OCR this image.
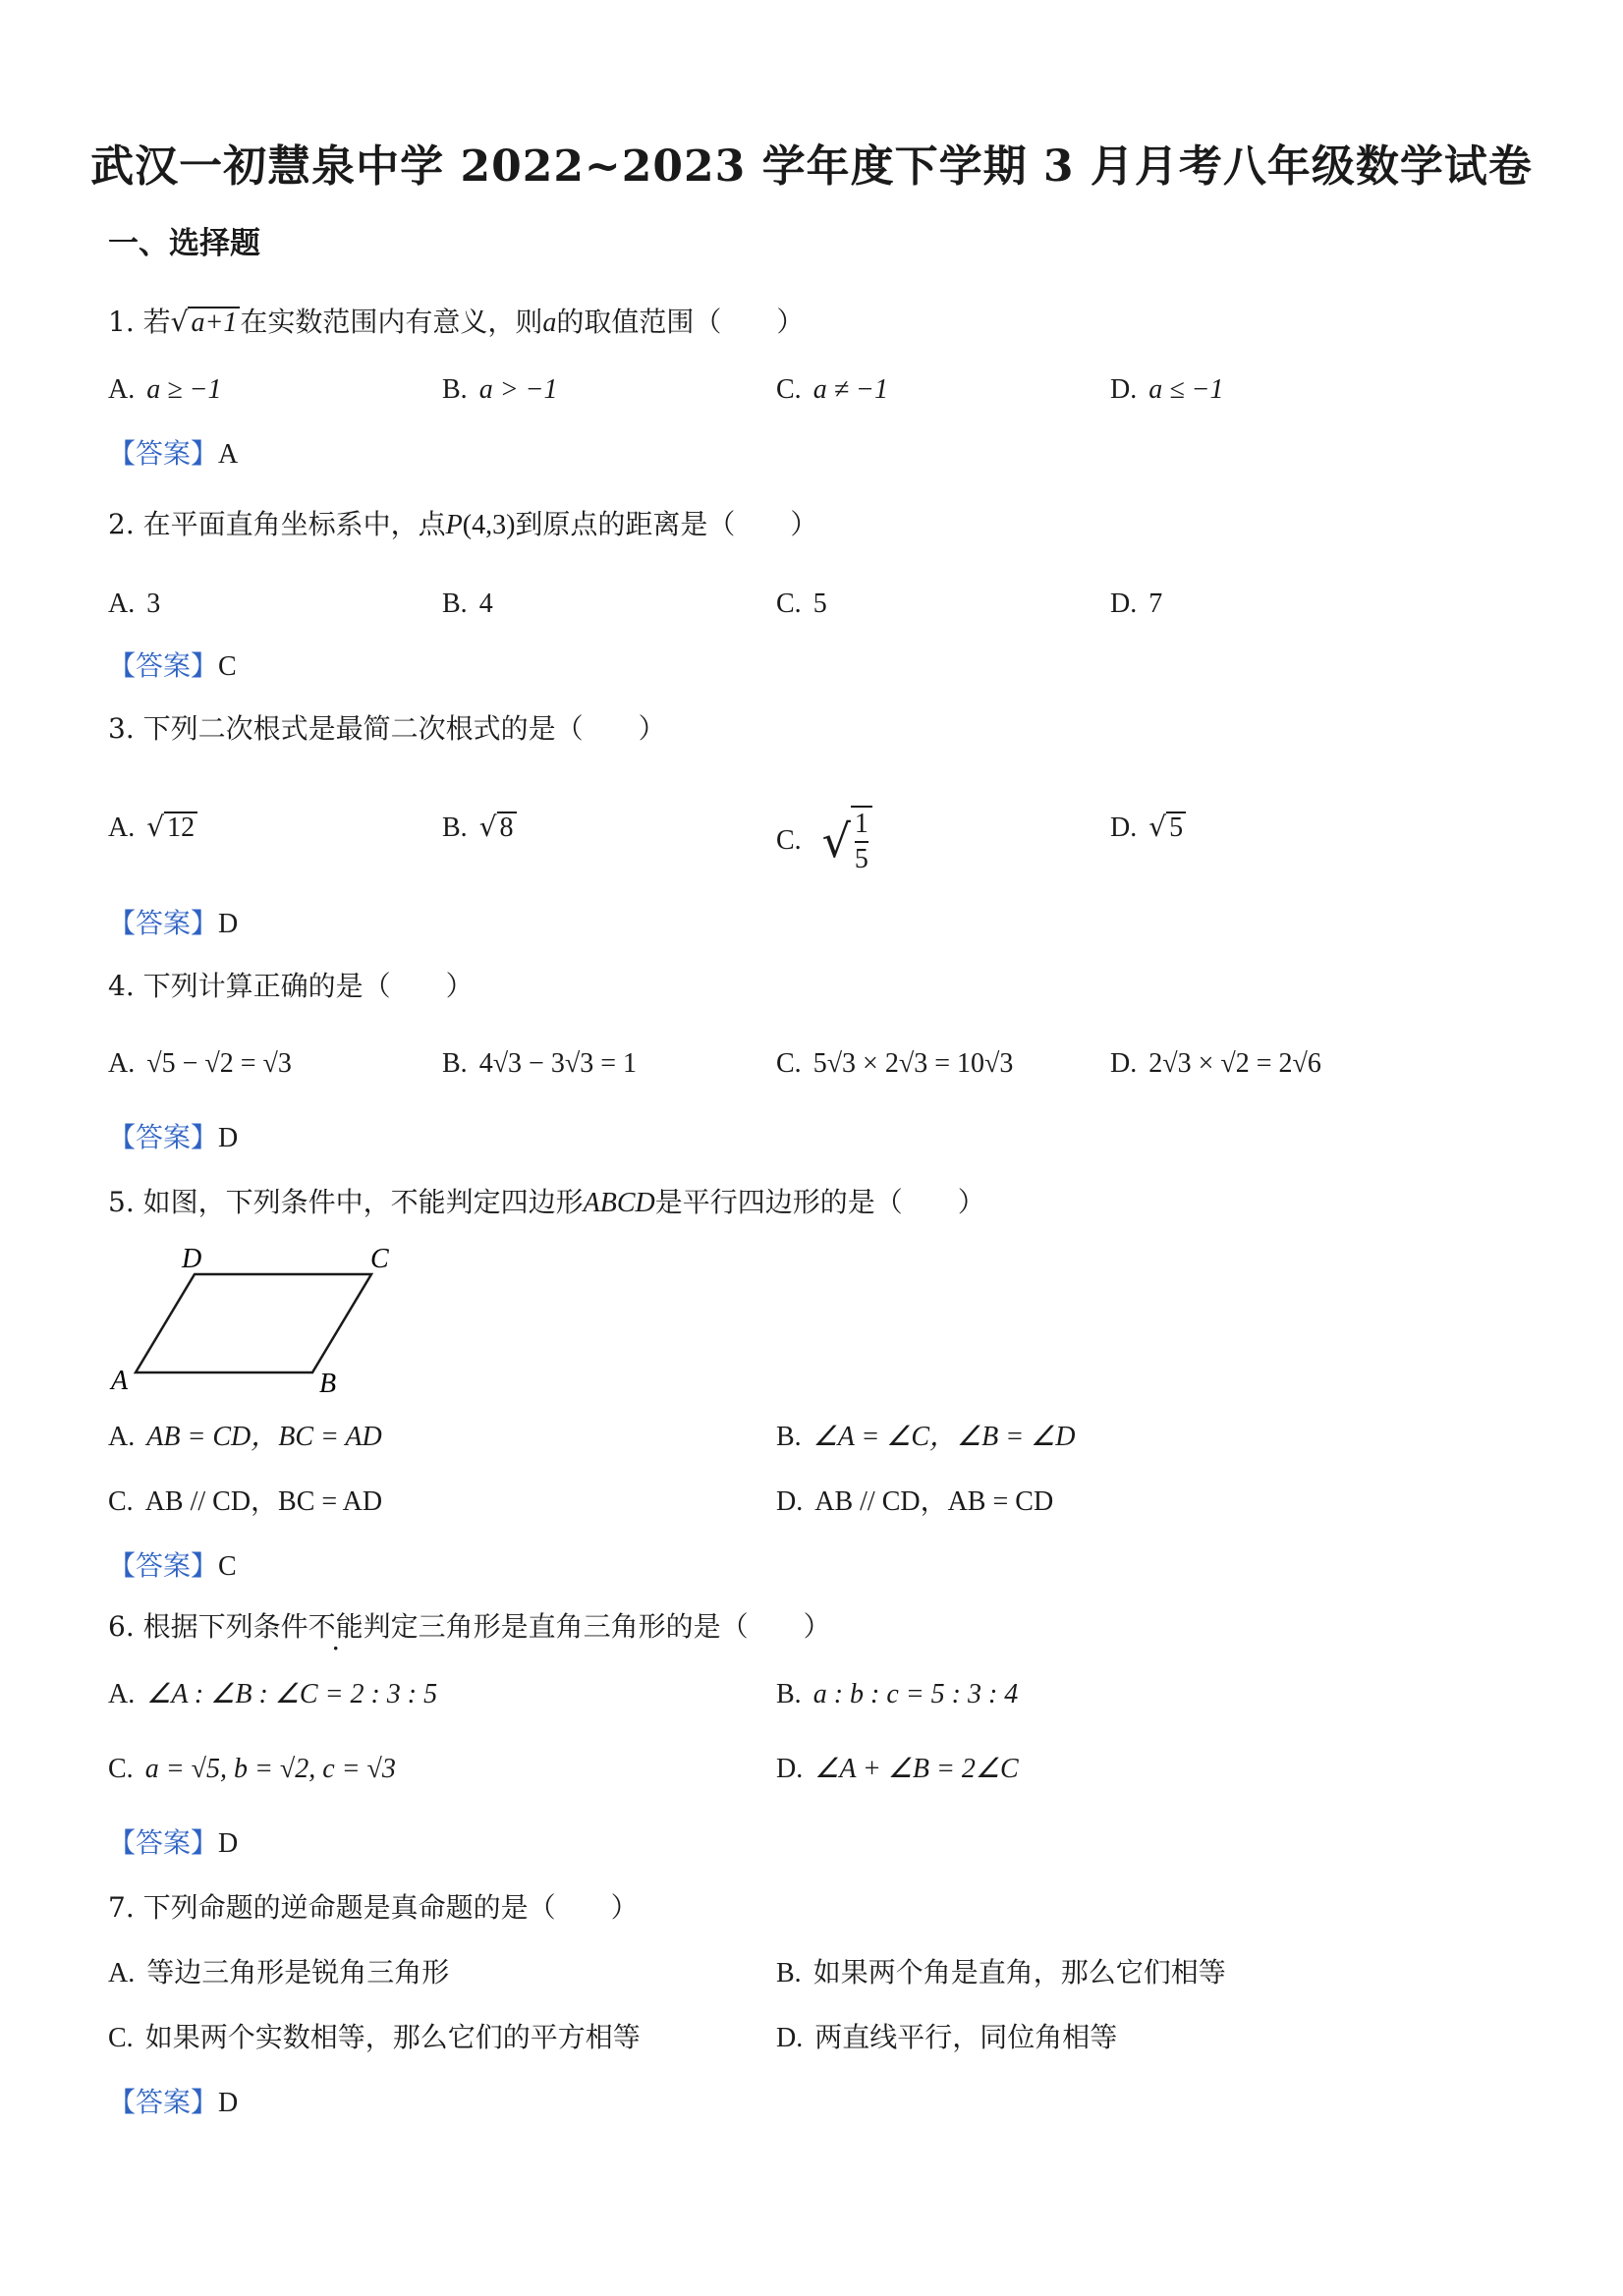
武汉一初慧泉中学 2022~2023 学年度下学期 3 月月考八年级数学试卷
一、选择题
1. 若√ a+1 在实数范围内有意义，则a的取值范围（　　）
A. a ≥ −1	B. a > −1	C. a ≠ −1	D. a ≤ −1
【答案】A
2. 在平面直角坐标系中，点P(4,3)到原点的距离是（　　）
A. 3	B. 4	C. 5	D. 7
【答案】C
3. 下列二次根式是最简二次根式的是（　　）
A. √ 12	B. √ 8	C. √ $\frac{1}{5}$	D. √ 5
【答案】D
4. 下列计算正确的是（　　）
A. √5 − √2 = √3	B. 4√3 − 3√3 = 1	C. 5√3 × 2√3 = 10√3	D. 2√3 × √2 = 2√6
【答案】D
5. 如图，下列条件中，不能判定四边形ABCD是平行四边形的是（　　）
D	C
A	B
A. AB = CD，BC = AD	B. ∠A = ∠C，∠B = ∠D
C. AB // CD，BC = AD	D. AB // CD，AB = CD
【答案】C
6. 根据下列条件不能判定三角形是直角三角形的是（　　）
A. ∠A : ∠B : ∠C = 2 : 3 : 5	B. a : b : c = 5 : 3 : 4
C. a = √5, b = √2, c = √3	D. ∠A + ∠B = 2∠C
【答案】D
7. 下列命题的逆命题是真命题的是（　　）
A. 等边三角形是锐角三角形	B. 如果两个角是直角，那么它们相等
C. 如果两个实数相等，那么它们的平方相等	D. 两直线平行，同位角相等
【答案】D
